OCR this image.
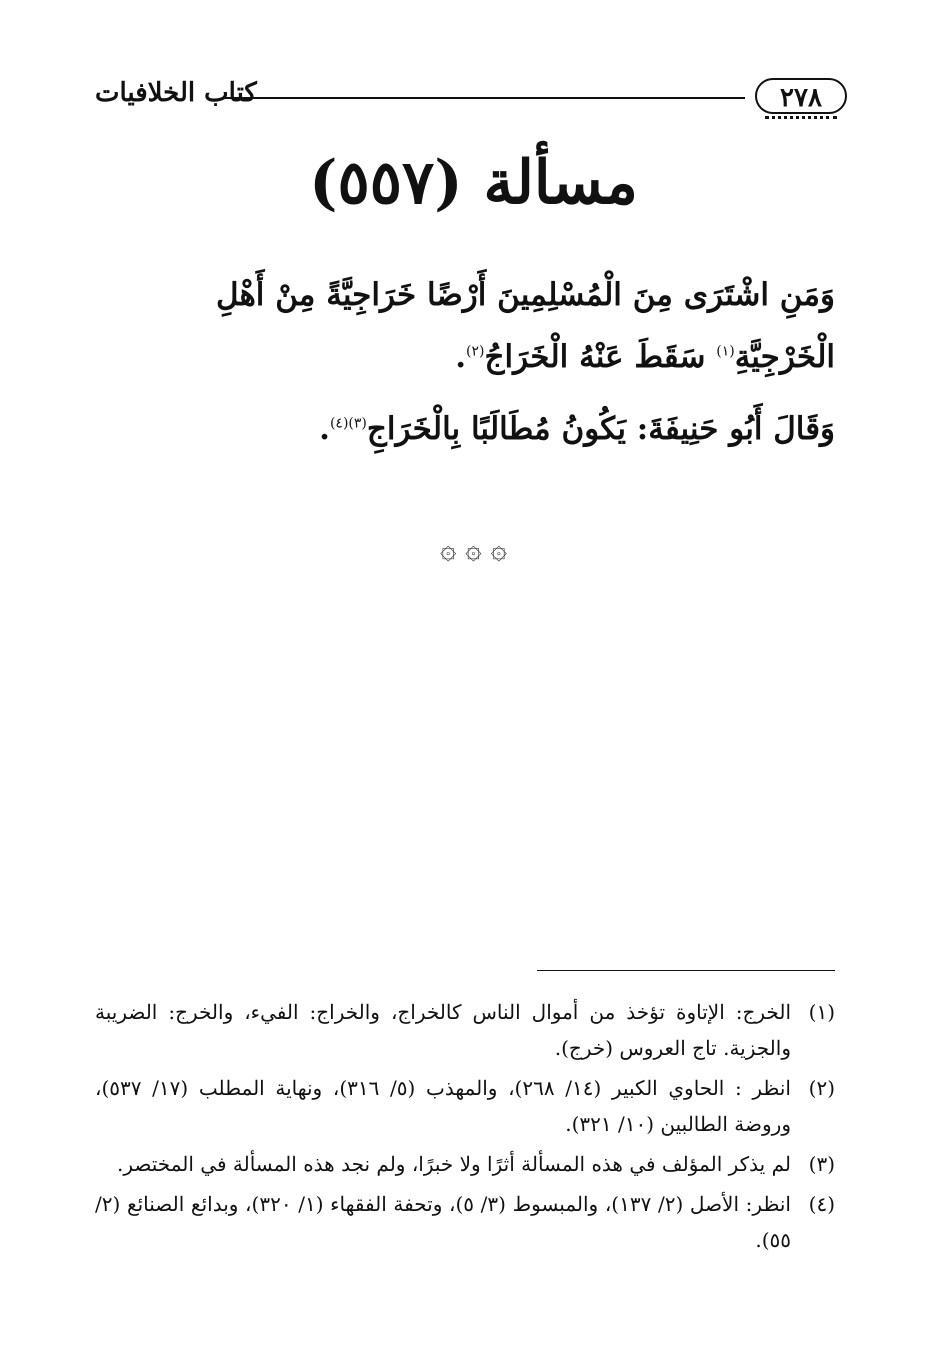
٢٧٨
كتاب الخلافيات
مسألة (٥٥٧)

وَمَنِ اشْتَرَى مِنَ الْمُسْلِمِينَ أَرْضًا خَرَاجِيَّةً مِنْ أَهْلِ الْخَرْجِيَّةِ$^{(١)}$ سَقَطَ عَنْهُ الْخَرَاجُ$^{(٢)}$.

وَقَالَ أَبُو حَنِيفَةَ: يَكُونُ مُطَالَبًا بِالْخَرَاجِ$^{(٣)(٤)}$.

۞ ۞ ۞
(١)
الخرج: الإتاوة تؤخذ من أموال الناس كالخراج، والخراج: الفيء، والخرج: الضريبة والجزية. تاج العروس (خرج).
(٢)
انظر : الحاوي الكبير (١٤/ ٢٦٨)، والمهذب (٥/ ٣١٦)، ونهاية المطلب (١٧/ ٥٣٧)، وروضة الطالبين (١٠/ ٣٢١).
(٣)
لم يذكر المؤلف في هذه المسألة أثرًا ولا خبرًا، ولم نجد هذه المسألة في المختصر.
(٤)
انظر: الأصل (٢/ ١٣٧)، والمبسوط (٣/ ٥)، وتحفة الفقهاء (١/ ٣٢٠)، وبدائع الصنائع (٢/ ٥٥).
